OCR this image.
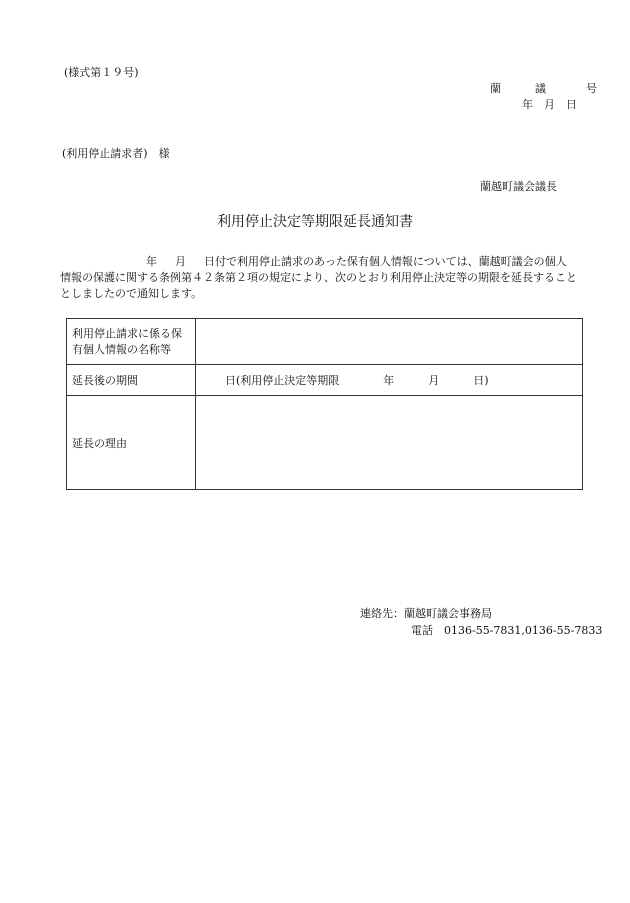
(様式第１９号)
蘭	議	号
年 月 日
(利用停止請求者)　様
蘭越町議会議長
利用停止決定等期限延長通知書
年 月 日付で利用停止請求のあった保有個人情報については、蘭越町議会の個人
情報の保護に関する条例第４２条第２項の規定により、次のとおり利用停止決定等の期限を延長すること
としましたので通知します。
利用停止請求に係る保有個人情報の名称等	
延長後の期間	日(利用停止決定等期限 年 月 日)
延長の理由	
連絡先：蘭越町議会事務局
電話　 0136-55-7831,0136-55-7833
